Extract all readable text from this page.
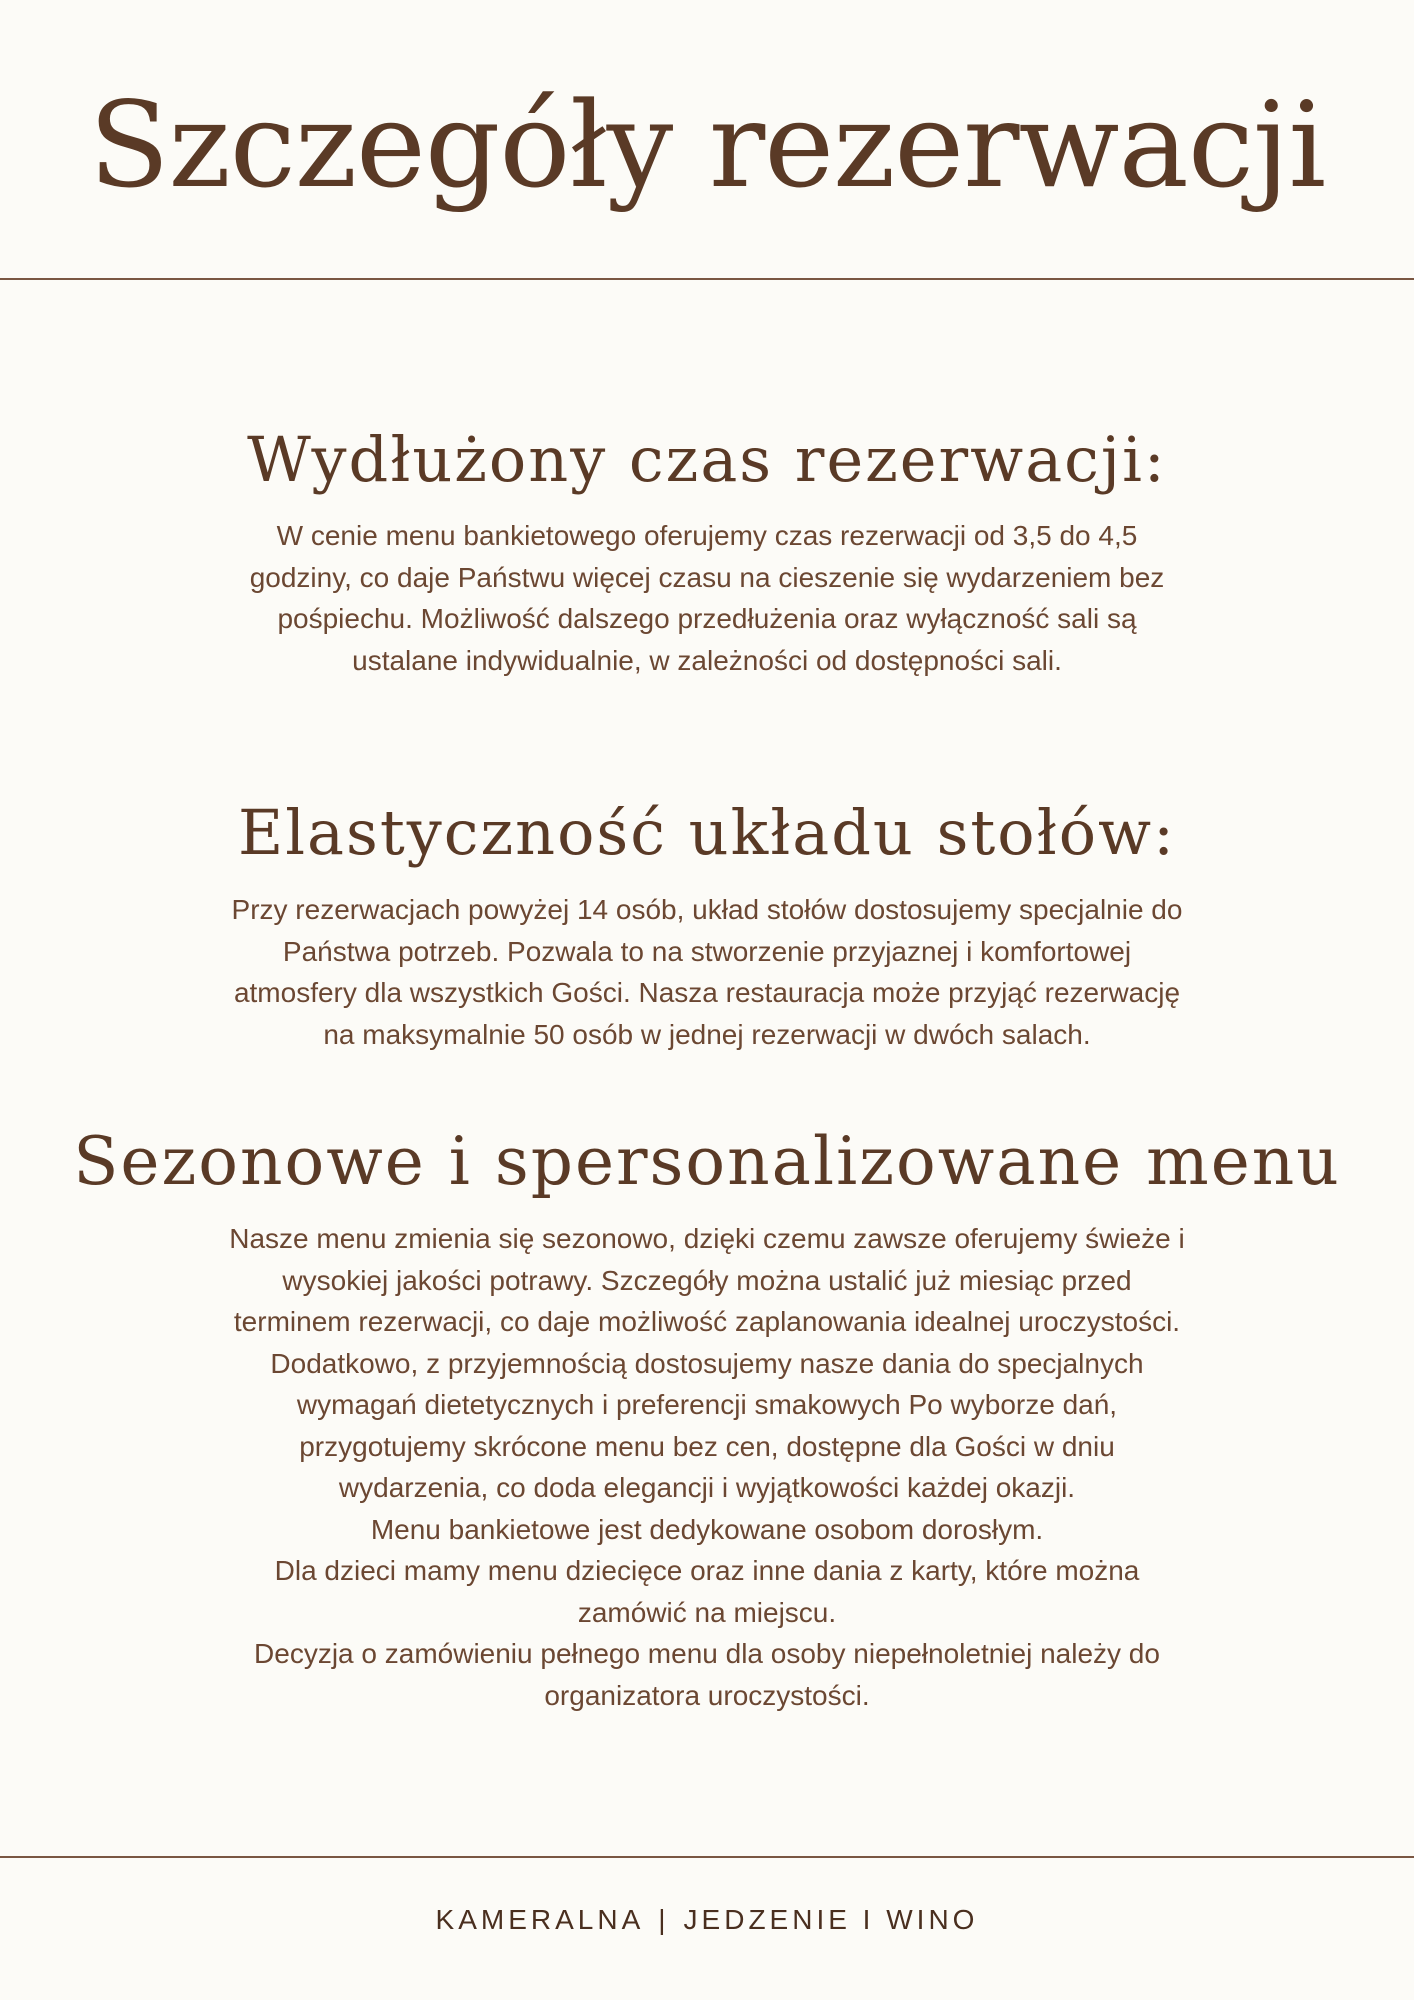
Szczegóły rezerwacji
Wydłużony czas rezerwacji:

W cenie menu bankietowego oferujemy czas rezerwacji od 3,5 do 4,5
godziny, co daje Państwu więcej czasu na cieszenie się wydarzeniem bez
pośpiechu. Możliwość dalszego przedłużenia oraz wyłączność sali są
ustalane indywidualnie, w zależności od dostępności sali.

Elastyczność układu stołów:

Przy rezerwacjach powyżej 14 osób, układ stołów dostosujemy specjalnie do
Państwa potrzeb. Pozwala to na stworzenie przyjaznej i komfortowej
atmosfery dla wszystkich Gości. Nasza restauracja może przyjąć rezerwację
na maksymalnie 50 osób w jednej rezerwacji w dwóch salach.

Sezonowe i spersonalizowane menu

Nasze menu zmienia się sezonowo, dzięki czemu zawsze oferujemy świeże i
wysokiej jakości potrawy. Szczegóły można ustalić już miesiąc przed
terminem rezerwacji, co daje możliwość zaplanowania idealnej uroczystości.
Dodatkowo, z przyjemnością dostosujemy nasze dania do specjalnych
wymagań dietetycznych i preferencji smakowych Po wyborze dań,
przygotujemy skrócone menu bez cen, dostępne dla Gości w dniu
wydarzenia, co doda elegancji i wyjątkowości każdej okazji.
Menu bankietowe jest dedykowane osobom dorosłym.
Dla dzieci mamy menu dziecięce oraz inne dania z karty, które można
zamówić na miejscu.
Decyzja o zamówieniu pełnego menu dla osoby niepełnoletniej należy do
organizatora uroczystości.

KAMERALNA | JEDZENIE I WINO
